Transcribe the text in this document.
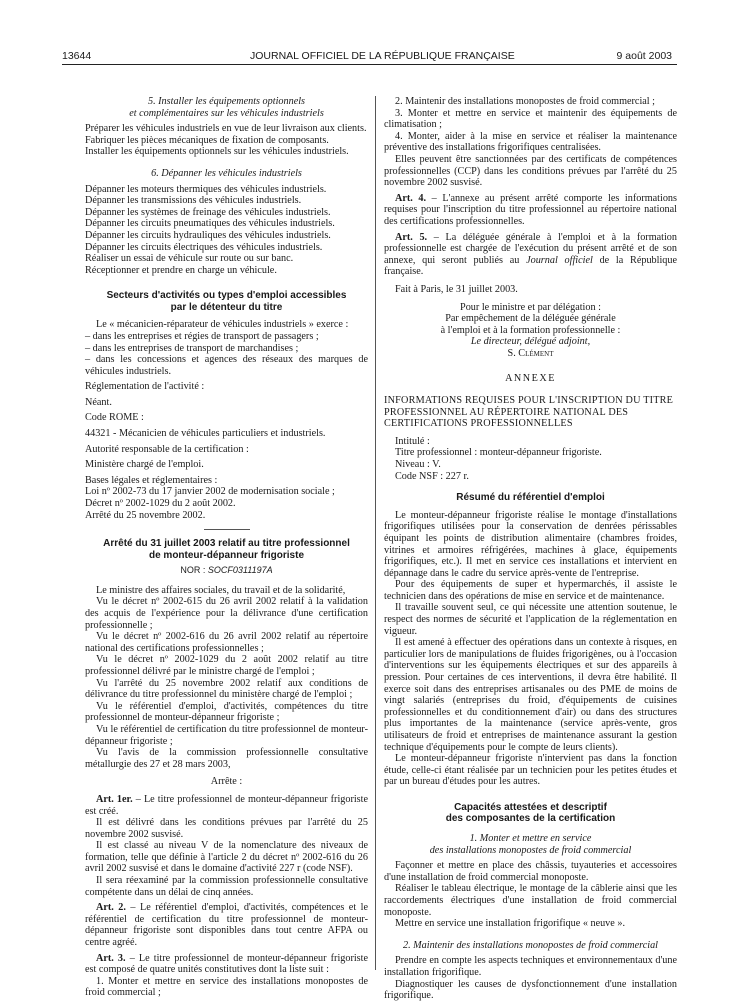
13644	JOURNAL OFFICIEL DE LA RÉPUBLIQUE FRANÇAISE	9 août 2003

5. Installer les équipements optionnels

et complémentaires sur les véhicules industriels

Préparer les véhicules industriels en vue de leur livraison aux clients.

Fabriquer les pièces mécaniques de fixation de composants.

Installer les équipements optionnels sur les véhicules industriels.

6. Dépanner les véhicules industriels

Dépanner les moteurs thermiques des véhicules industriels.

Dépanner les transmissions des véhicules industriels.

Dépanner les systèmes de freinage des véhicules industriels.

Dépanner les circuits pneumatiques des véhicules industriels.

Dépanner les circuits hydrauliques des véhicules industriels.

Dépanner les circuits électriques des véhicules industriels.

Réaliser un essai de véhicule sur route ou sur banc.

Réceptionner et prendre en charge un véhicule.

Secteurs d'activités ou types d'emploi accessibles

par le détenteur du titre

Le « mécanicien-réparateur de véhicules industriels » exerce :

– dans les entreprises et régies de transport de passagers ;

– dans les entreprises de transport de marchandises ;

– dans les concessions et agences des réseaux des marques de véhicules industriels.

Réglementation de l'activité :

Néant.

Code ROME :

44321 - Mécanicien de véhicules particuliers et industriels.

Autorité responsable de la certification :

Ministère chargé de l'emploi.

Bases légales et réglementaires :

Loi nº 2002-73 du 17 janvier 2002 de modernisation sociale ;

Décret nº 2002-1029 du 2 août 2002.

Arrêté du 25 novembre 2002.

Arrêté du 31 juillet 2003 relatif au titre professionnel

de monteur-dépanneur frigoriste

NOR : SOCF0311197A

Le ministre des affaires sociales, du travail et de la solidarité,

Vu le décret nº 2002-615 du 26 avril 2002 relatif à la validation des acquis de l'expérience pour la délivrance d'une certification professionnelle ;

Vu le décret nº 2002-616 du 26 avril 2002 relatif au répertoire national des certifications professionnelles ;

Vu le décret nº 2002-1029 du 2 août 2002 relatif au titre professionnel délivré par le ministre chargé de l'emploi ;

Vu l'arrêté du 25 novembre 2002 relatif aux conditions de délivrance du titre professionnel du ministère chargé de l'emploi ;

Vu le référentiel d'emploi, d'activités, compétences du titre professionnel de monteur-dépanneur frigoriste ;

Vu le référentiel de certification du titre professionnel de monteur-dépanneur frigoriste ;

Vu l'avis de la commission professionnelle consultative métallurgie des 27 et 28 mars 2003,

Arrête :

Art. 1er. – Le titre professionnel de monteur-dépanneur frigoriste est créé.

Il est délivré dans les conditions prévues par l'arrêté du 25 novembre 2002 susvisé.

Il est classé au niveau V de la nomenclature des niveaux de formation, telle que définie à l'article 2 du décret nº 2002-616 du 26 avril 2002 susvisé et dans le domaine d'activité 227 r (code NSF).

Il sera réexaminé par la commission professionnelle consultative compétente dans un délai de cinq années.

Art. 2. – Le référentiel d'emploi, d'activités, compétences et le référentiel de certification du titre professionnel de monteur-dépanneur frigoriste sont disponibles dans tout centre AFPA ou centre agréé.

Art. 3. – Le titre professionnel de monteur-dépanneur frigoriste est composé de quatre unités constitutives dont la liste suit :

1. Monter et mettre en service des installations monopostes de froid commercial ;

2. Maintenir des installations monopostes de froid commercial ;

3. Monter et mettre en service et maintenir des équipements de climatisation ;

4. Monter, aider à la mise en service et réaliser la maintenance préventive des installations frigorifiques centralisées.

Elles peuvent être sanctionnées par des certificats de compétences professionnelles (CCP) dans les conditions prévues par l'arrêté du 25 novembre 2002 susvisé.

Art. 4. – L'annexe au présent arrêté comporte les informations requises pour l'inscription du titre professionnel au répertoire national des certifications professionnelles.

Art. 5. – La déléguée générale à l'emploi et à la formation professionnelle est chargée de l'exécution du présent arrêté et de son annexe, qui seront publiés au Journal officiel de la République française.

Fait à Paris, le 31 juillet 2003.

Pour le ministre et par délégation :

Par empêchement de la déléguée générale

à l'emploi et à la formation professionnelle :

Le directeur, délégué adjoint,

S. Clément

ANNEXE

INFORMATIONS REQUISES POUR L'INSCRIPTION DU TITRE PROFESSIONNEL AU RÉPERTOIRE NATIONAL DES CERTIFICATIONS PROFESSIONNELLES

Intitulé :

Titre professionnel : monteur-dépanneur frigoriste.

Niveau : V.

Code NSF : 227 r.

Résumé du référentiel d'emploi

Le monteur-dépanneur frigoriste réalise le montage d'installations frigorifiques utilisées pour la conservation de denrées périssables équipant les points de distribution alimentaire (chambres froides, vitrines et armoires réfrigérées, machines à glace, équipements frigorifiques, etc.). Il met en service ces installations et intervient en dépannage dans le cadre du service après-vente de l'entreprise.

Pour des équipements de super et hypermarchés, il assiste le technicien dans des opérations de mise en service et de maintenance.

Il travaille souvent seul, ce qui nécessite une attention soutenue, le respect des normes de sécurité et l'application de la réglementation en vigueur.

Il est amené à effectuer des opérations dans un contexte à risques, en particulier lors de manipulations de fluides frigorigènes, ou à l'occasion d'interventions sur les équipements électriques et sur des appareils à pression. Pour certaines de ces interventions, il devra être habilité. Il exerce soit dans des entreprises artisanales ou des PME de moins de vingt salariés (entreprises du froid, d'équipements de cuisines professionnelles et du conditionnement d'air) ou dans des structures plus importantes de la maintenance (service après-vente, gros utilisateurs de froid et entreprises de maintenance assurant la gestion technique d'équipements pour le compte de leurs clients).

Le monteur-dépanneur frigoriste n'intervient pas dans la fonction étude, celle-ci étant réalisée par un technicien pour les petites études et par un bureau d'études pour les autres.

Capacités attestées et descriptif

des composantes de la certification

1. Monter et mettre en service

des installations monopostes de froid commercial

Façonner et mettre en place des châssis, tuyauteries et accessoires d'une installation de froid commercial monoposte.

Réaliser le tableau électrique, le montage de la câblerie ainsi que les raccordements électriques d'une installation de froid commercial monoposte.

Mettre en service une installation frigorifique « neuve ».

2. Maintenir des installations monopostes de froid commercial

Prendre en compte les aspects techniques et environnementaux d'une installation frigorifique.

Diagnostiquer les causes de dysfonctionnement d'une installation frigorifique.
